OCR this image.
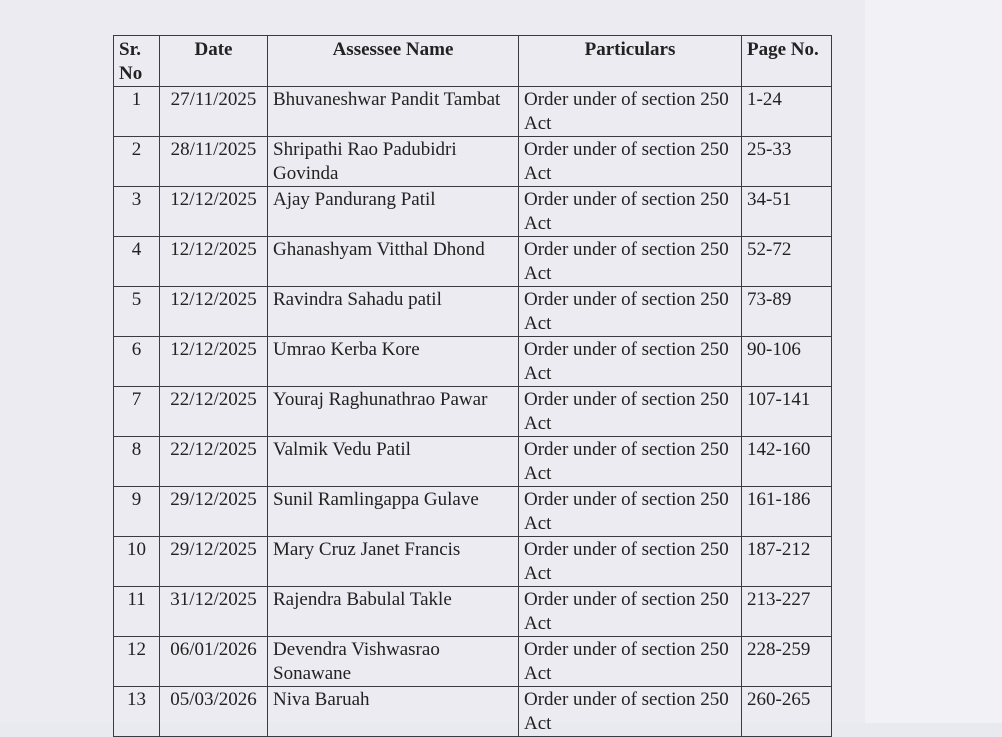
Sr. No	Date	Assessee Name	Particulars	Page No.
1	27/11/2025	Bhuvaneshwar Pandit Tambat	Order under of section 250 Act	1-24
2	28/11/2025	Shripathi Rao Padubidri Govinda	Order under of section 250 Act	25-33
3	12/12/2025	Ajay Pandurang Patil	Order under of section 250 Act	34-51
4	12/12/2025	Ghanashyam Vitthal Dhond	Order under of section 250 Act	52-72
5	12/12/2025	Ravindra Sahadu patil	Order under of section 250 Act	73-89
6	12/12/2025	Umrao Kerba Kore	Order under of section 250 Act	90-106
7	22/12/2025	Youraj Raghunathrao Pawar	Order under of section 250 Act	107-141
8	22/12/2025	Valmik Vedu Patil	Order under of section 250 Act	142-160
9	29/12/2025	Sunil Ramlingappa Gulave	Order under of section 250 Act	161-186
10	29/12/2025	Mary Cruz Janet Francis	Order under of section 250 Act	187-212
11	31/12/2025	Rajendra Babulal Takle	Order under of section 250 Act	213-227
12	06/01/2026	Devendra Vishwasrao Sonawane	Order under of section 250 Act	228-259
13	05/03/2026	Niva Baruah	Order under of section 250 Act	260-265
